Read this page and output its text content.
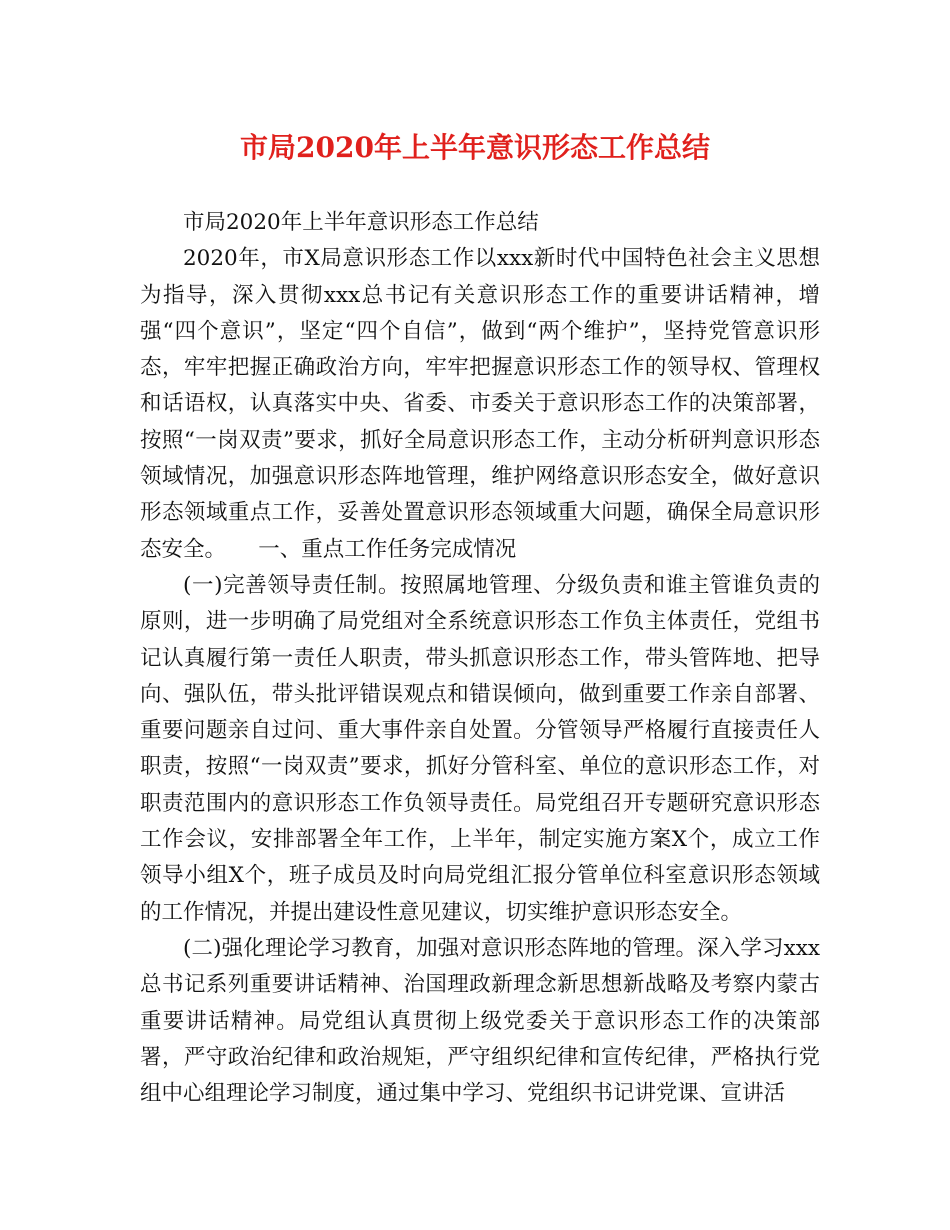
市局2020年上半年意识形态工作总结

市局2020年上半年意识形态工作总结

2020年，市X局意识形态工作以xxx新时代中国特色社会主义思想为指导，深入贯彻xxx总书记有关意识形态工作的重要讲话精神，增强“四个意识”，坚定“四个自信”，做到“两个维护”，坚持党管意识形态，牢牢把握正确政治方向，牢牢把握意识形态工作的领导权、管理权和话语权，认真落实中央、省委、市委关于意识形态工作的决策部署，按照“一岗双责”要求，抓好全局意识形态工作，主动分析研判意识形态领域情况，加强意识形态阵地管理，维护网络意识形态安全，做好意识形态领域重点工作，妥善处置意识形态领域重大问题，确保全局意识形态安全。　　一、重点工作任务完成情况

(一)完善领导责任制。按照属地管理、分级负责和谁主管谁负责的原则，进一步明确了局党组对全系统意识形态工作负主体责任，党组书记认真履行第一责任人职责，带头抓意识形态工作，带头管阵地、把导向、强队伍，带头批评错误观点和错误倾向，做到重要工作亲自部署、重要问题亲自过问、重大事件亲自处置。分管领导严格履行直接责任人职责，按照“一岗双责”要求，抓好分管科室、单位的意识形态工作，对职责范围内的意识形态工作负领导责任。局党组召开专题研究意识形态工作会议，安排部署全年工作，上半年，制定实施方案X个，成立工作领导小组X个，班子成员及时向局党组汇报分管单位科室意识形态领域的工作情况，并提出建设性意见建议，切实维护意识形态安全。

(二)强化理论学习教育，加强对意识形态阵地的管理。深入学习xxx总书记系列重要讲话精神、治国理政新理念新思想新战略及考察内蒙古重要讲话精神。局党组认真贯彻上级党委关于意识形态工作的决策部署，严守政治纪律和政治规矩，严守组织纪律和宣传纪律，严格执行党组中心组理论学习制度，通过集中学习、党组织书记讲党课、宣讲活
